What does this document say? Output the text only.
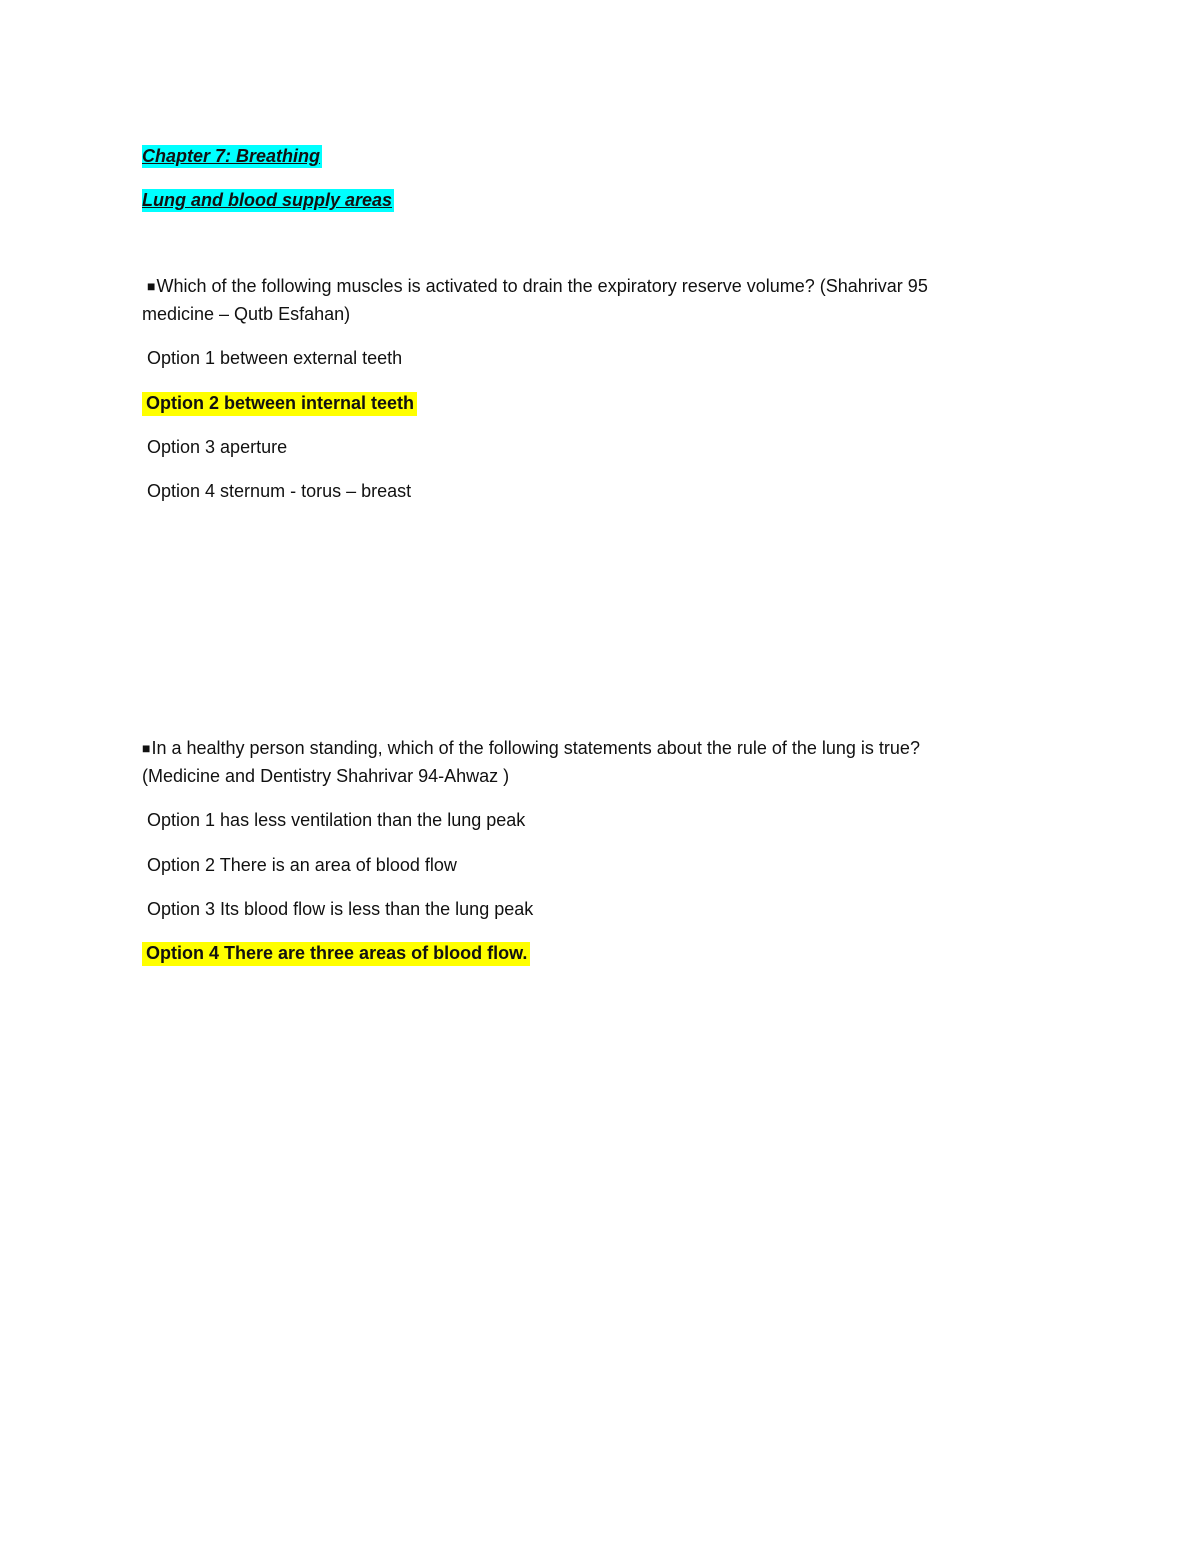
Chapter 7: Breathing
Lung and blood supply areas
■Which of the following muscles is activated to drain the expiratory reserve volume? (Shahrivar 95
medicine – Qutb Esfahan)
Option 1 between external teeth
Option 2 between internal teeth
Option 3 aperture
Option 4 sternum - torus – breast
■In a healthy person standing, which of the following statements about the rule of the lung is true?
(Medicine and Dentistry Shahrivar 94-Ahwaz )
Option 1 has less ventilation than the lung peak
Option 2 There is an area of blood flow
Option 3 Its blood flow is less than the lung peak
Option 4 There are three areas of blood flow.
